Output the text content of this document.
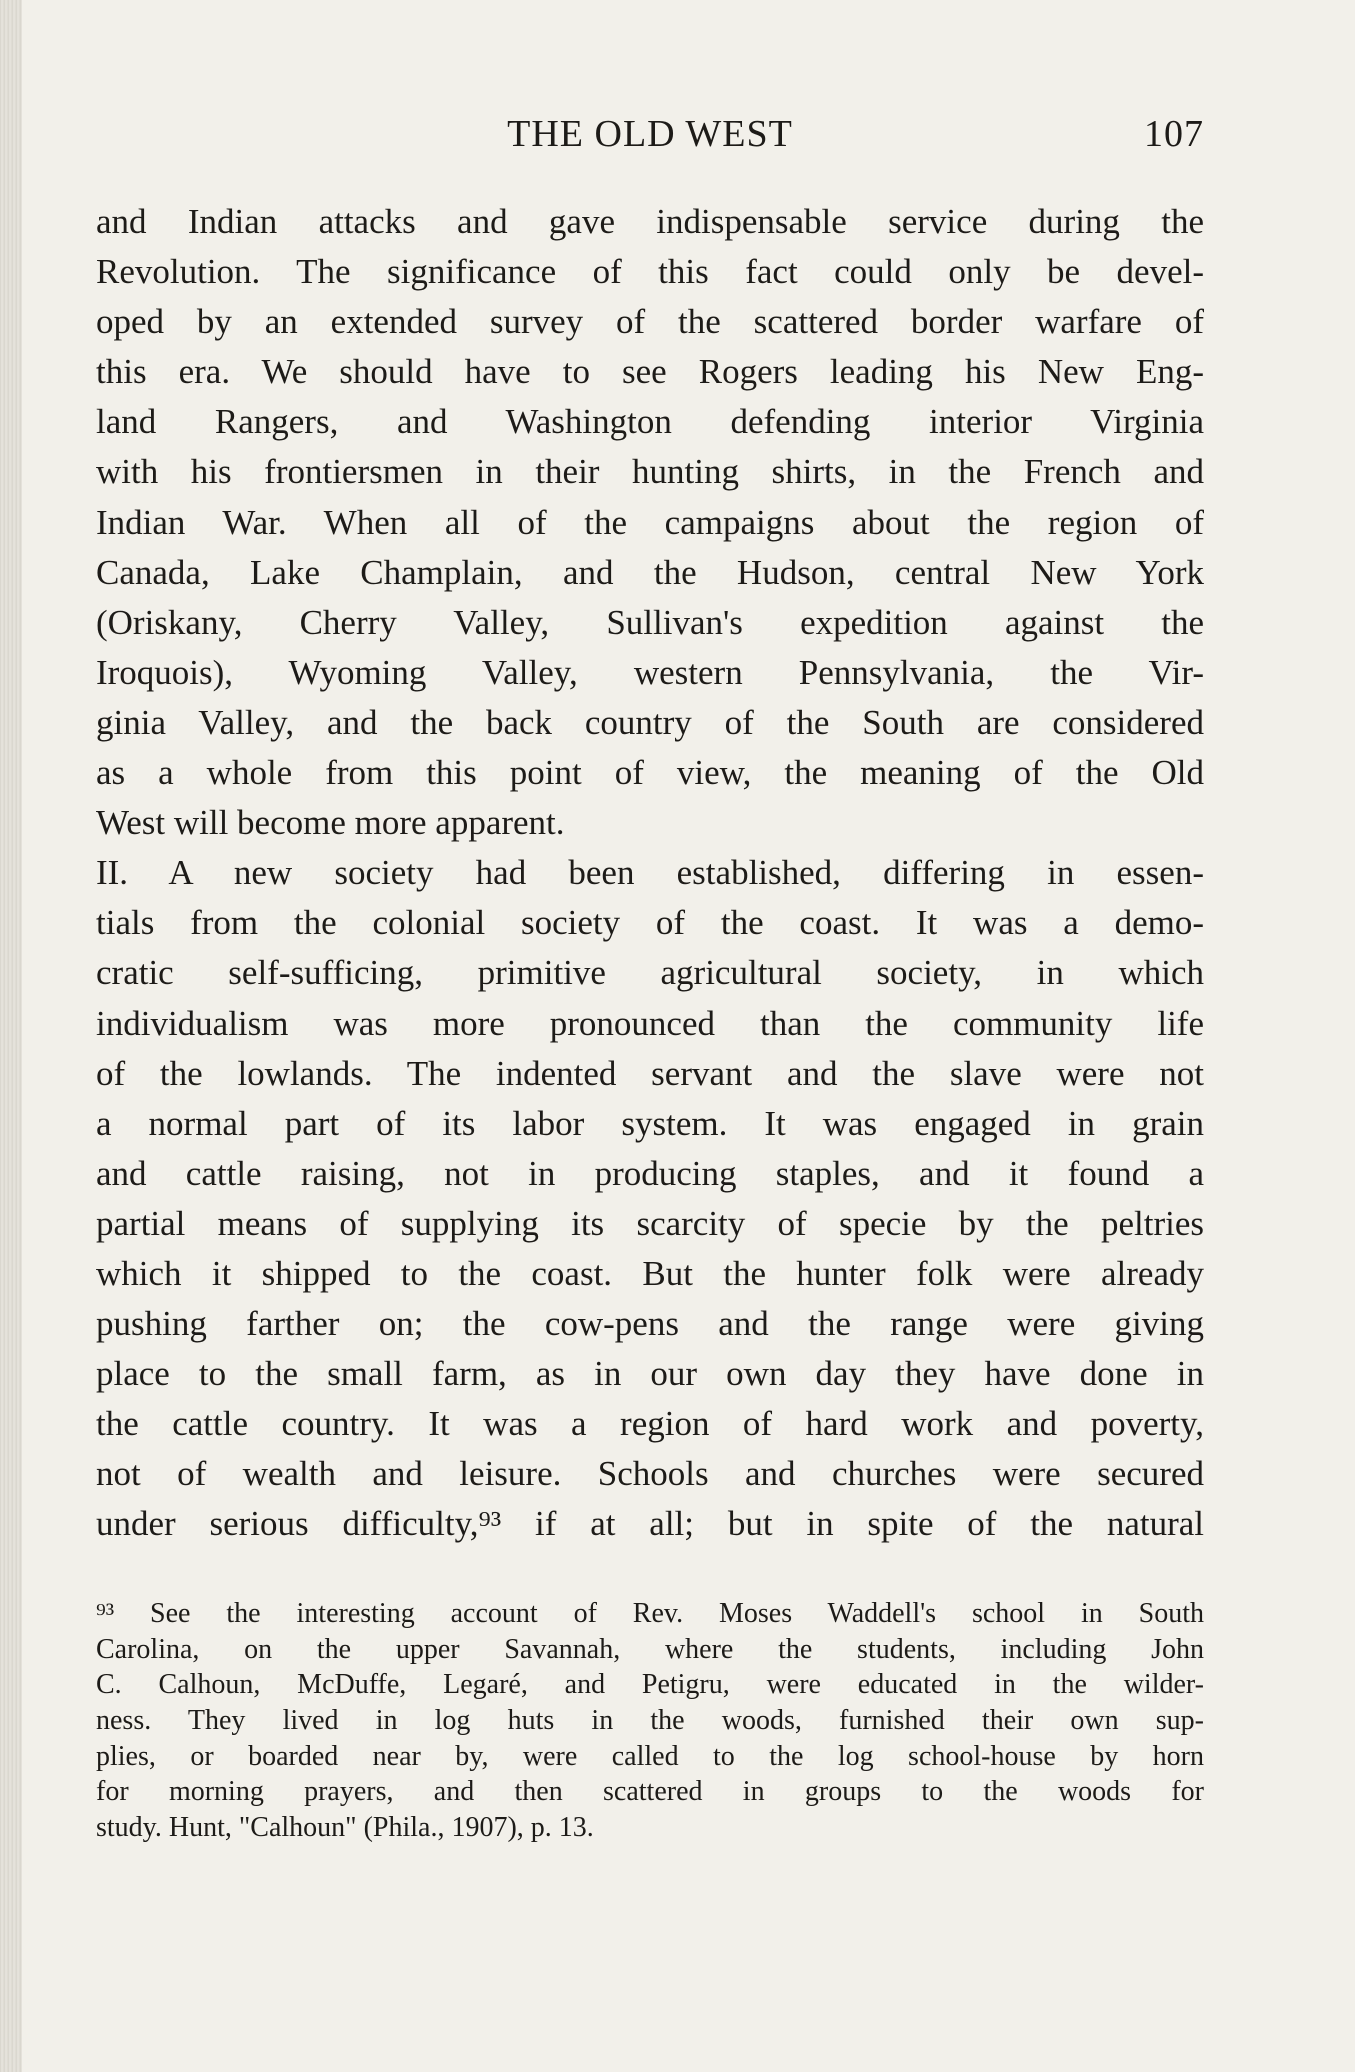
THE OLD WEST	107
and Indian attacks and gave indispensable service during the
Revolution. The significance of this fact could only be devel-
oped by an extended survey of the scattered border warfare of
this era. We should have to see Rogers leading his New Eng-
land Rangers, and Washington defending interior Virginia
with his frontiersmen in their hunting shirts, in the French and
Indian War. When all of the campaigns about the region of
Canada, Lake Champlain, and the Hudson, central New York
(Oriskany, Cherry Valley, Sullivan's expedition against the
Iroquois), Wyoming Valley, western Pennsylvania, the Vir-
ginia Valley, and the back country of the South are considered
as a whole from this point of view, the meaning of the Old
West will become more apparent.
II. A new society had been established, differing in essen-
tials from the colonial society of the coast. It was a demo-
cratic self-sufficing, primitive agricultural society, in which
individualism was more pronounced than the community life
of the lowlands. The indented servant and the slave were not
a normal part of its labor system. It was engaged in grain
and cattle raising, not in producing staples, and it found a
partial means of supplying its scarcity of specie by the peltries
which it shipped to the coast. But the hunter folk were already
pushing farther on; the cow-pens and the range were giving
place to the small farm, as in our own day they have done in
the cattle country. It was a region of hard work and poverty,
not of wealth and leisure. Schools and churches were secured
under serious difficulty,⁹³ if at all; but in spite of the natural
⁹³ See the interesting account of Rev. Moses Waddell's school in South
Carolina, on the upper Savannah, where the students, including John
C. Calhoun, McDuffe, Legaré, and Petigru, were educated in the wilder-
ness. They lived in log huts in the woods, furnished their own sup-
plies, or boarded near by, were called to the log school-house by horn
for morning prayers, and then scattered in groups to the woods for
study. Hunt, "Calhoun" (Phila., 1907), p. 13.
